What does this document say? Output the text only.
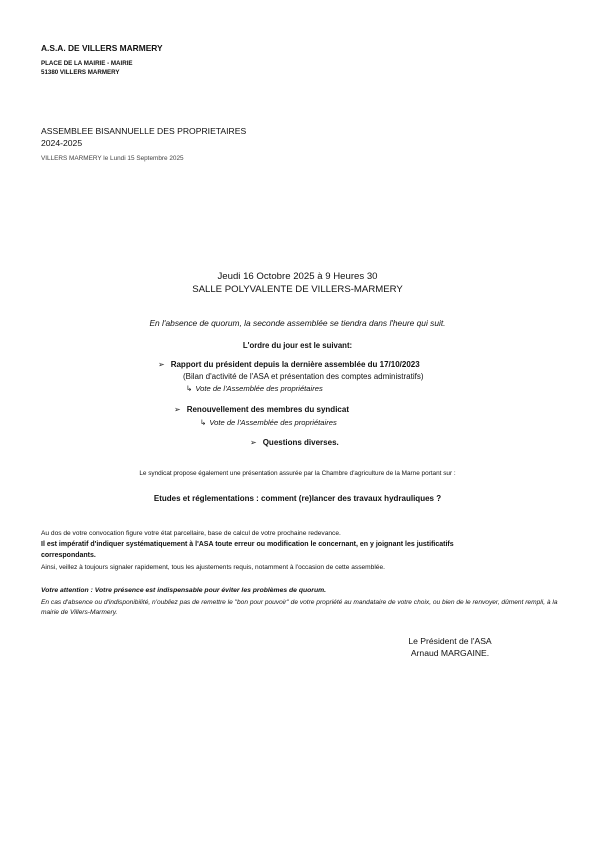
A.S.A. DE VILLERS MARMERY
PLACE DE LA MAIRIE - MAIRIE
51380 VILLERS MARMERY
ASSEMBLEE BISANNUELLE DES PROPRIETAIRES
2024-2025
VILLERS MARMERY le Lundi 15 Septembre 2025
Jeudi 16 Octobre 2025 à 9 Heures 30
SALLE POLYVALENTE DE VILLERS-MARMERY
En l'absence de quorum, la seconde assemblée se tiendra dans l'heure qui suit.
L'ordre du jour est le suivant:
➢ Rapport du président depuis la dernière assemblée du 17/10/2023
(Bilan d'activité de l'ASA et présentation des comptes administratifs)
↳ Vote de l'Assemblée des propriétaires
➢ Renouvellement des membres du syndicat
↳ Vote de l'Assemblée des propriétaires
➢ Questions diverses.
Le syndicat propose également une présentation assurée par la Chambre d'agriculture de la Marne portant sur :
Etudes et réglementations : comment (re)lancer des travaux hydrauliques ?
Au dos de votre convocation figure votre état parcellaire, base de calcul de votre prochaine redevance.
Il est impératif d'indiquer systématiquement à l'ASA toute erreur ou modification le concernant, en y joignant les justificatifs
correspondants.
Ainsi, veillez à toujours signaler rapidement, tous les ajustements requis, notamment à l'occasion de cette assemblée.
Votre attention : Votre présence est indispensable pour éviter les problèmes de quorum.
En cas d'absence ou d'indisponibilité, n'oubliez pas de remettre le "bon pour pouvoir" de votre propriété au mandataire de votre choix, ou bien de le renvoyer, dûment rempli, à la mairie de Villers-Marmery.
Le Président de l'ASA
Arnaud MARGAINE.
